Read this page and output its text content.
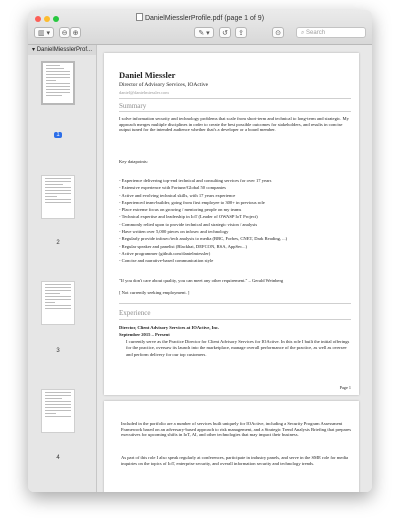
DanielMiesslerProfile.pdf (page 1 of 9)
▥ ▾	⊖ ⊕	✎ ▾	↺	⇪	⊙	⌕ Search
▾ DanielMiesslerProf...
1
2
3
4
Daniel Miessler
Director of Advisory Services, IOActive
daniel@danielmiessler.com
Summary
I solve information security and technology problems that scale from short-term and technical to long-term and strategic. My approach merges multiple disciplines in order to create the best possible outcomes for stakeholders, and results in concise output tuned for the intended audience whether that's a developer or a board member.
Key datapoints:
- Experience delivering top-end technical and consulting services for over 17 years
- Extensive experience with Fortune/Global 50 companies
- Active and evolving technical skills, with 17 years experience
- Experienced team-builder, going from first employee to 300+ in previous role
- Place extreme focus on growing / mentoring people on my teams
- Technical expertise and leadership in IoT (Leader of OWASP IoT Project)
- Commonly relied upon to provide technical and strategic vision / analysis
- Have written over 5,000 pieces on infosec and technology
- Regularly provide infosec/tech analysis to media (BBC, Forbes, CNET, Dark Reading, ...)
- Regular speaker and panelist (Blackhat, DEFCON, RSA, AppSec...)
- Active programmer (github.com/danielmiessler)
- Concise and narrative-based communication style
"If you don't care about quality, you can meet any other requirement." – Gerald Weinberg
[ Not currently seeking employment. ]
Experience
Director, Client Advisory Services at IOActive, Inc.
September 2015 – Present
I currently serve as the Practice Director for Client Advisory Services for IOActive. In this role I built the initial offerings for the practice, oversaw its launch into the marketplace, manage overall performance of the practice, as well as oversee and perform delivery for our top customers.
Page 1
Included in the portfolio are a number of services built uniquely for IOActive, including a Security Program Assessment Framework based on an adversary-based approach to risk management, and a Strategic Trend Analysis Briefing that prepares executives for upcoming shifts in IoT, AI, and other technologies that may impact their business.
As part of this role I also speak regularly at conferences, participate in industry panels, and serve in the SME role for media inquiries on the topics of IoT, enterprise security, and overall information security and technology trends.
